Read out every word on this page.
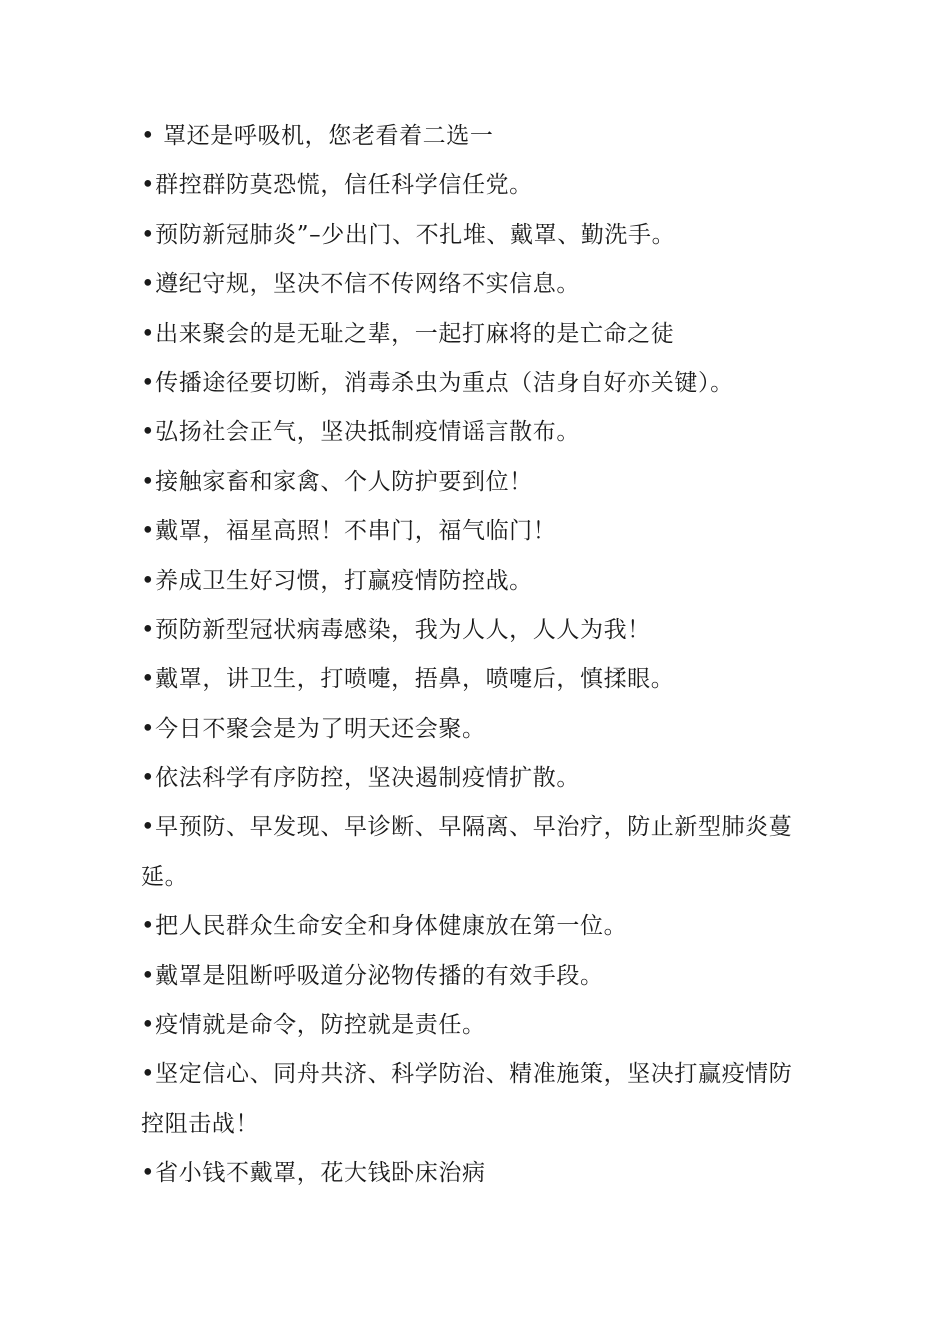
• 罩还是呼吸机，您老看着二选一
•群控群防莫恐慌，信任科学信任党。
•预防新冠肺炎”–少出门、不扎堆、戴罩、勤洗手。
•遵纪守规，坚决不信不传网络不实信息。
•出来聚会的是无耻之辈，一起打麻将的是亡命之徒
•传播途径要切断，消毒杀虫为重点（洁身自好亦关键）。
•弘扬社会正气，坚决抵制疫情谣言散布。
•接触家畜和家禽、个人防护要到位！
•戴罩，福星高照！不串门，福气临门！
•养成卫生好习惯，打赢疫情防控战。
•预防新型冠状病毒感染，我为人人，人人为我！
•戴罩，讲卫生，打喷嚏，捂鼻，喷嚏后，慎揉眼。
•今日不聚会是为了明天还会聚。
•依法科学有序防控，坚决遏制疫情扩散。
•早预防、早发现、早诊断、早隔离、早治疗，防止新型肺炎蔓
延。
•把人民群众生命安全和身体健康放在第一位。
•戴罩是阻断呼吸道分泌物传播的有效手段。
•疫情就是命令，防控就是责任。
•坚定信心、同舟共济、科学防治、精准施策，坚决打赢疫情防
控阻击战！
•省小钱不戴罩，花大钱卧床治病
